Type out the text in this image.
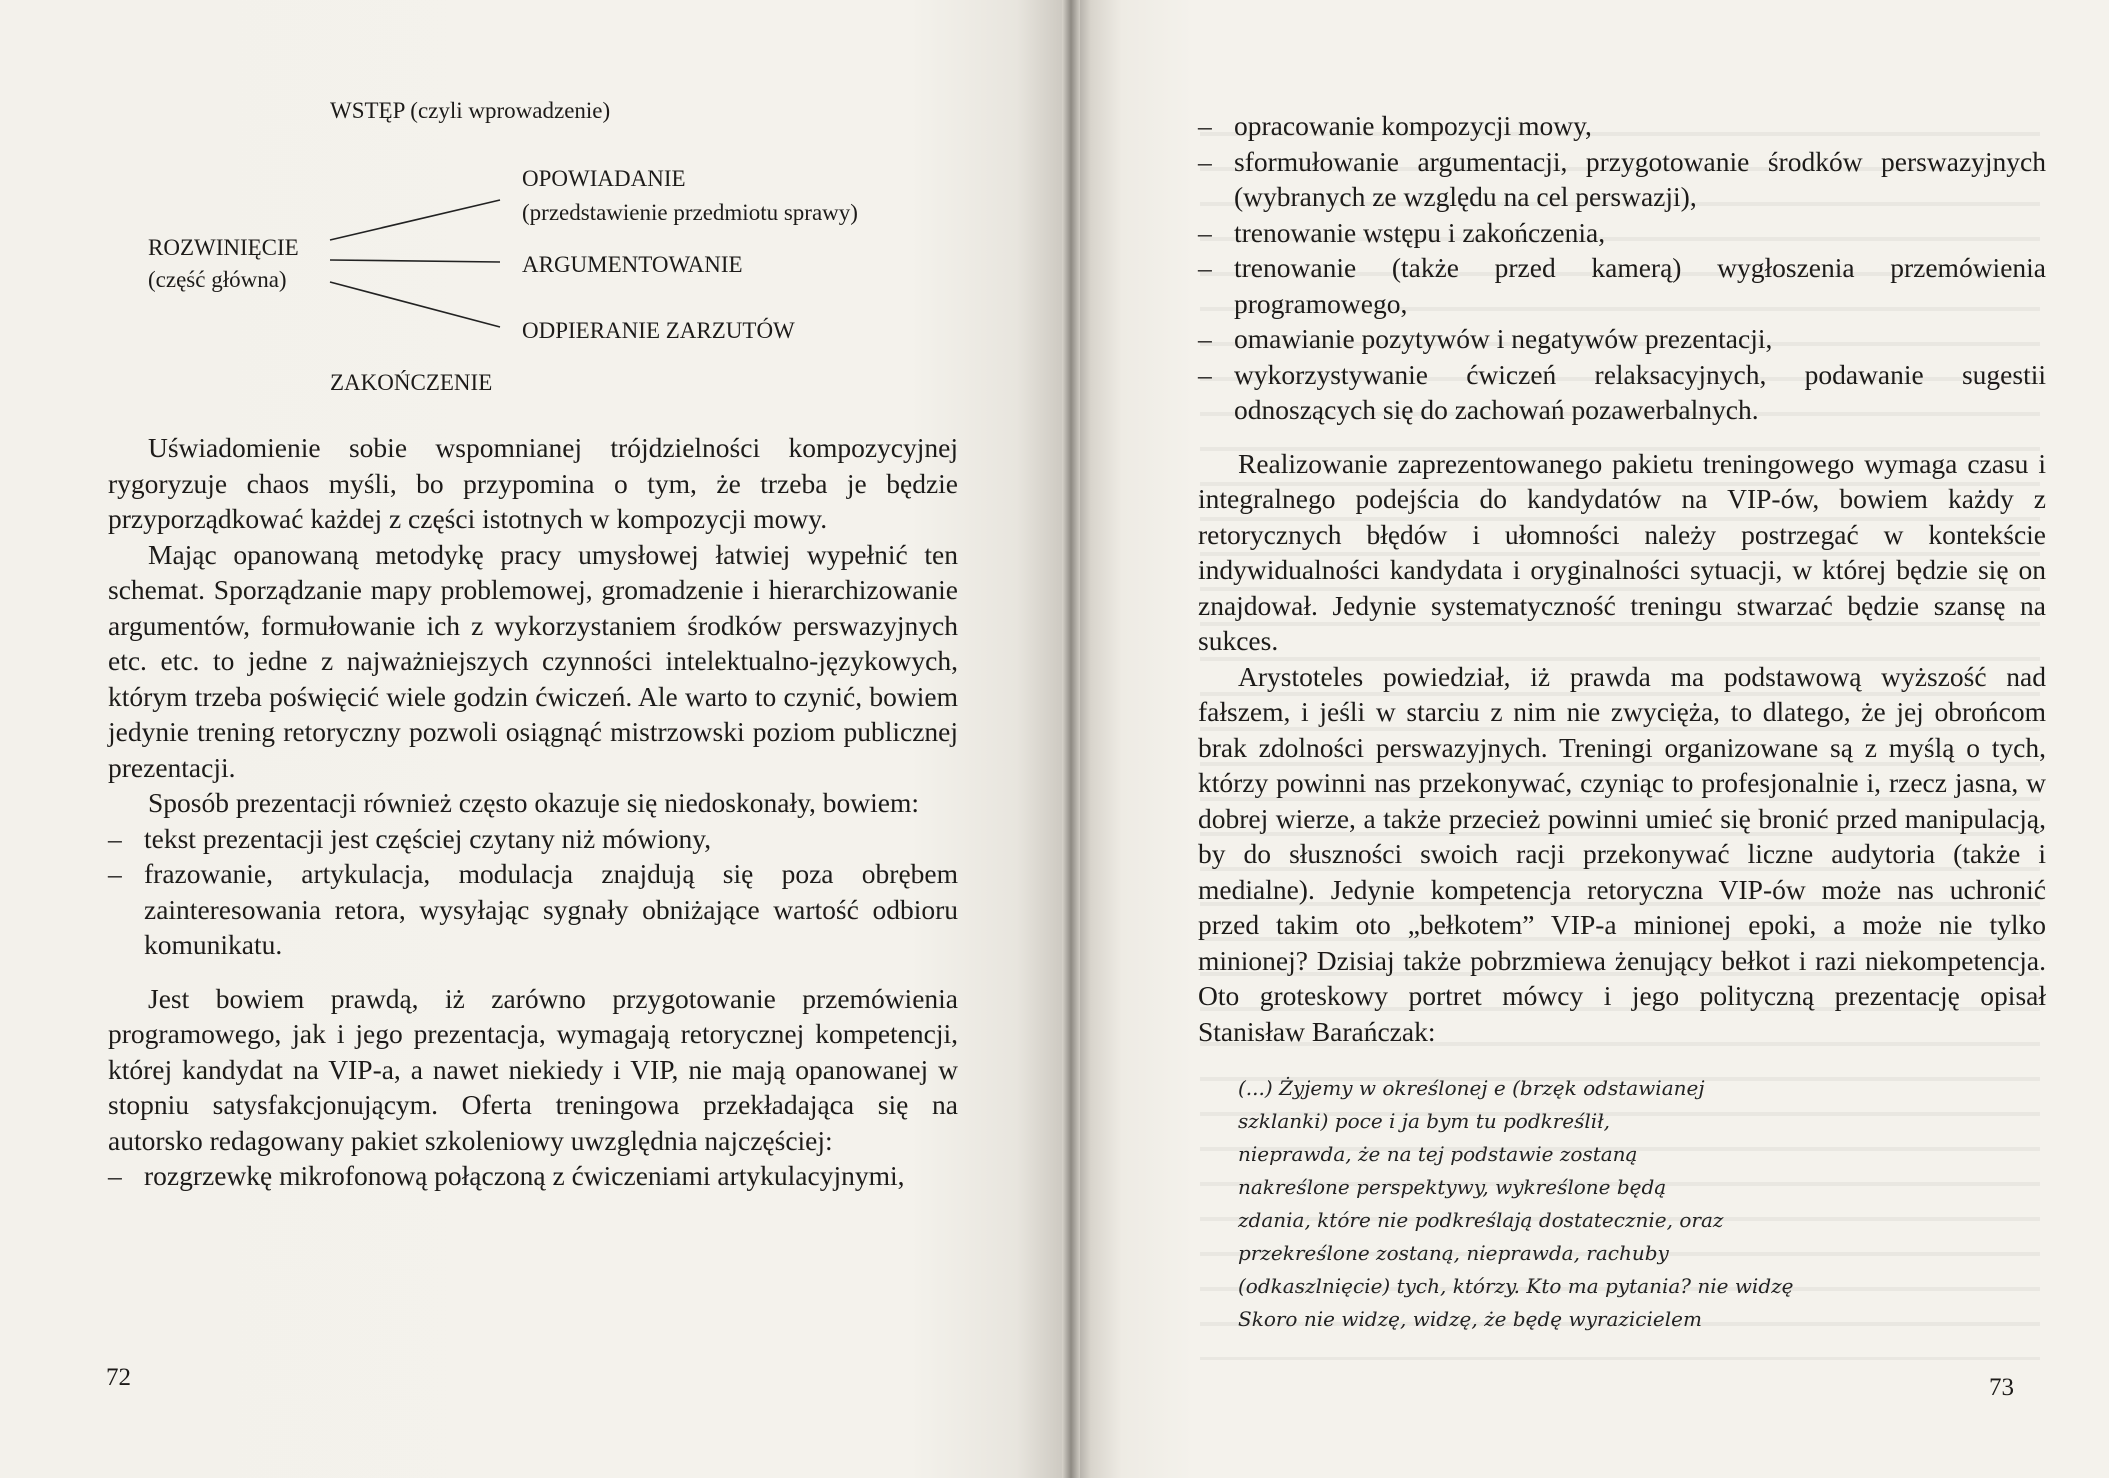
WSTĘP (czyli wprowadzenie)
ROZWINIĘCIE
(część główna)
OPOWIADANIE
(przedstawienie przedmiotu sprawy)
ARGUMENTOWANIE
ODPIERANIE ZARZUTÓW
ZAKOŃCZENIE

Uświadomienie sobie wspomnianej trójdzielności kompozycyjnej rygoryzuje chaos myśli, bo przypomina o tym, że trzeba je będzie przyporządkować każdej z części istotnych w kompozycji mowy.

Mając opanowaną metodykę pracy umysłowej łatwiej wypełnić ten schemat. Sporządzanie mapy problemowej, gromadzenie i hierarchizowanie argumentów, formułowanie ich z wykorzystaniem środków perswazyjnych etc. etc. to jedne z najważniejszych czynności intelektualno-językowych, którym trzeba poświęcić wiele godzin ćwiczeń. Ale warto to czynić, bowiem jedynie trening retoryczny pozwoli osiągnąć mistrzowski poziom publicznej prezentacji.

Sposób prezentacji również często okazuje się niedoskonały, bowiem:

– tekst prezentacji jest częściej czytany niż mówiony,
– frazowanie, artykulacja, modulacja znajdują się poza obrębem zainteresowania retora, wysyłając sygnały obniżające wartość odbioru komunikatu.

Jest bowiem prawdą, iż zarówno przygotowanie przemówienia programowego, jak i jego prezentacja, wymagają retorycznej kompetencji, której kandydat na VIP-a, a nawet niekiedy i VIP, nie mają opanowanej w stopniu satysfakcjonującym. Oferta treningowa przekładająca się na autorsko redagowany pakiet szkoleniowy uwzględnia najczęściej:

– rozgrzewkę mikrofonową połączoną z ćwiczeniami artykulacyjnymi,
72
– opracowanie kompozycji mowy,
– sformułowanie argumentacji, przygotowanie środków perswazyjnych (wybranych ze względu na cel perswazji),
– trenowanie wstępu i zakończenia,
– trenowanie (także przed kamerą) wygłoszenia przemówienia programowego,
– omawianie pozytywów i negatywów prezentacji,
– wykorzystywanie ćwiczeń relaksacyjnych, podawanie sugestii odnoszących się do zachowań pozawerbalnych.

Realizowanie zaprezentowanego pakietu treningowego wymaga czasu i integralnego podejścia do kandydatów na VIP-ów, bowiem każdy z retorycznych błędów i ułomności należy postrzegać w kontekście indywidualności kandydata i oryginalności sytuacji, w której będzie się on znajdował. Jedynie systematyczność treningu stwarzać będzie szansę na sukces.

Arystoteles powiedział, iż prawda ma podstawową wyższość nad fałszem, i jeśli w starciu z nim nie zwycięża, to dlatego, że jej obrońcom brak zdolności perswazyjnych. Treningi organizowane są z myślą o tych, którzy powinni nas przekonywać, czyniąc to profesjonalnie i, rzecz jasna, w dobrej wierze, a także przecież powinni umieć się bronić przed manipulacją, by do słuszności swoich racji przekonywać liczne audytoria (także i medialne). Jedynie kompetencja retoryczna VIP-ów może nas uchronić przed takim oto „bełkotem” VIP-a minionej epoki, a może nie tylko minionej? Dzisiaj także pobrzmiewa żenujący bełkot i razi niekompetencja. Oto groteskowy portret mówcy i jego polityczną prezentację opisał Stanisław Barańczak:

(...) Żyjemy w określonej e (brzęk odstawianej

szklanki) poce i ja bym tu podkreślił,

nieprawda, że na tej podstawie zostaną

nakreślone perspektywy, wykreślone będą

zdania, które nie podkreślają dostatecznie, oraz

przekreślone zostaną, nieprawda, rachuby

(odkaszlnięcie) tych, którzy. Kto ma pytania? nie widzę

Skoro nie widzę, widzę, że będę wyrazicielem

73
